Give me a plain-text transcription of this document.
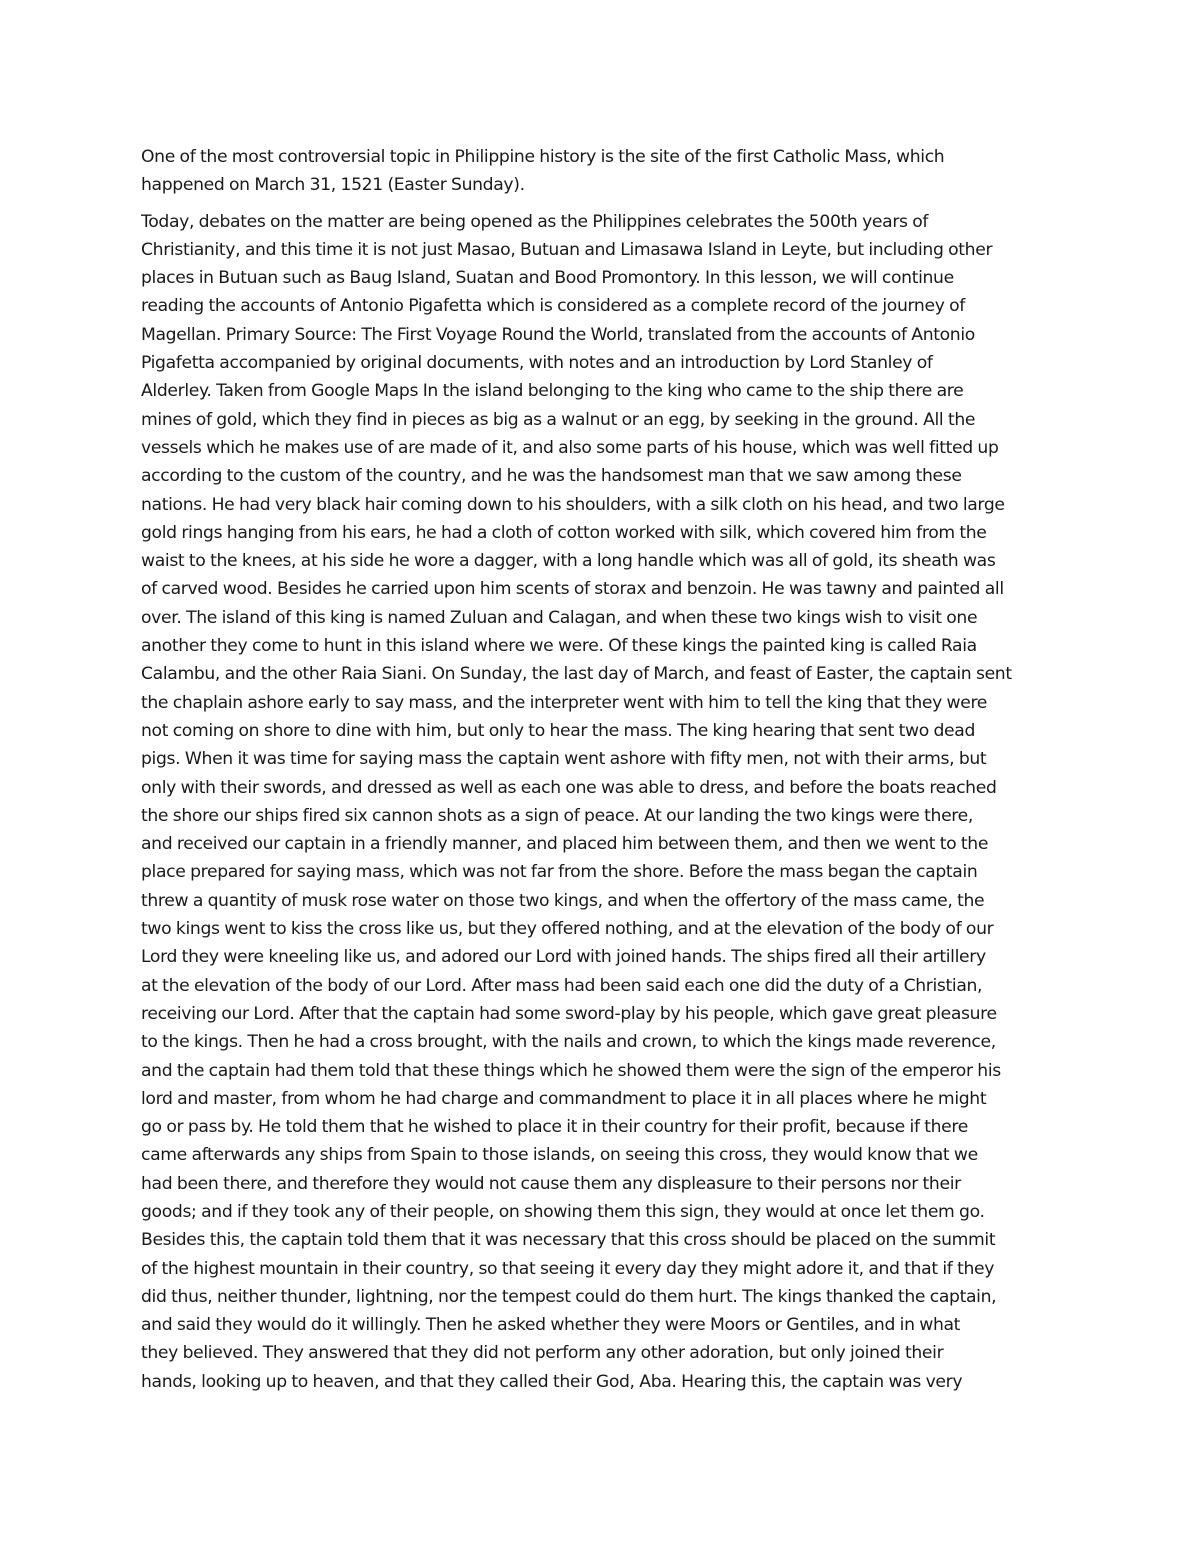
One of the most controversial topic in Philippine history is the site of the first Catholic Mass, which
happened on March 31, 1521 (Easter Sunday).

Today, debates on the matter are being opened as the Philippines celebrates the 500th years of
Christianity, and this time it is not just Masao, Butuan and Limasawa Island in Leyte, but including other
places in Butuan such as Baug Island, Suatan and Bood Promontory. In this lesson, we will continue
reading the accounts of Antonio Pigafetta which is considered as a complete record of the journey of
Magellan. Primary Source: The First Voyage Round the World, translated from the accounts of Antonio
Pigafetta accompanied by original documents, with notes and an introduction by Lord Stanley of
Alderley. Taken from Google Maps In the island belonging to the king who came to the ship there are
mines of gold, which they find in pieces as big as a walnut or an egg, by seeking in the ground. All the
vessels which he makes use of are made of it, and also some parts of his house, which was well fitted up
according to the custom of the country, and he was the handsomest man that we saw among these
nations. He had very black hair coming down to his shoulders, with a silk cloth on his head, and two large
gold rings hanging from his ears, he had a cloth of cotton worked with silk, which covered him from the
waist to the knees, at his side he wore a dagger, with a long handle which was all of gold, its sheath was
of carved wood. Besides he carried upon him scents of storax and benzoin. He was tawny and painted all
over. The island of this king is named Zuluan and Calagan, and when these two kings wish to visit one
another they come to hunt in this island where we were. Of these kings the painted king is called Raia
Calambu, and the other Raia Siani. On Sunday, the last day of March, and feast of Easter, the captain sent
the chaplain ashore early to say mass, and the interpreter went with him to tell the king that they were
not coming on shore to dine with him, but only to hear the mass. The king hearing that sent two dead
pigs. When it was time for saying mass the captain went ashore with fifty men, not with their arms, but
only with their swords, and dressed as well as each one was able to dress, and before the boats reached
the shore our ships fired six cannon shots as a sign of peace. At our landing the two kings were there,
and received our captain in a friendly manner, and placed him between them, and then we went to the
place prepared for saying mass, which was not far from the shore. Before the mass began the captain
threw a quantity of musk rose water on those two kings, and when the offertory of the mass came, the
two kings went to kiss the cross like us, but they offered nothing, and at the elevation of the body of our
Lord they were kneeling like us, and adored our Lord with joined hands. The ships fired all their artillery
at the elevation of the body of our Lord. After mass had been said each one did the duty of a Christian,
receiving our Lord. After that the captain had some sword-play by his people, which gave great pleasure
to the kings. Then he had a cross brought, with the nails and crown, to which the kings made reverence,
and the captain had them told that these things which he showed them were the sign of the emperor his
lord and master, from whom he had charge and commandment to place it in all places where he might
go or pass by. He told them that he wished to place it in their country for their profit, because if there
came afterwards any ships from Spain to those islands, on seeing this cross, they would know that we
had been there, and therefore they would not cause them any displeasure to their persons nor their
goods; and if they took any of their people, on showing them this sign, they would at once let them go.
Besides this, the captain told them that it was necessary that this cross should be placed on the summit
of the highest mountain in their country, so that seeing it every day they might adore it, and that if they
did thus, neither thunder, lightning, nor the tempest could do them hurt. The kings thanked the captain,
and said they would do it willingly. Then he asked whether they were Moors or Gentiles, and in what
they believed. They answered that they did not perform any other adoration, but only joined their
hands, looking up to heaven, and that they called their God, Aba. Hearing this, the captain was very
